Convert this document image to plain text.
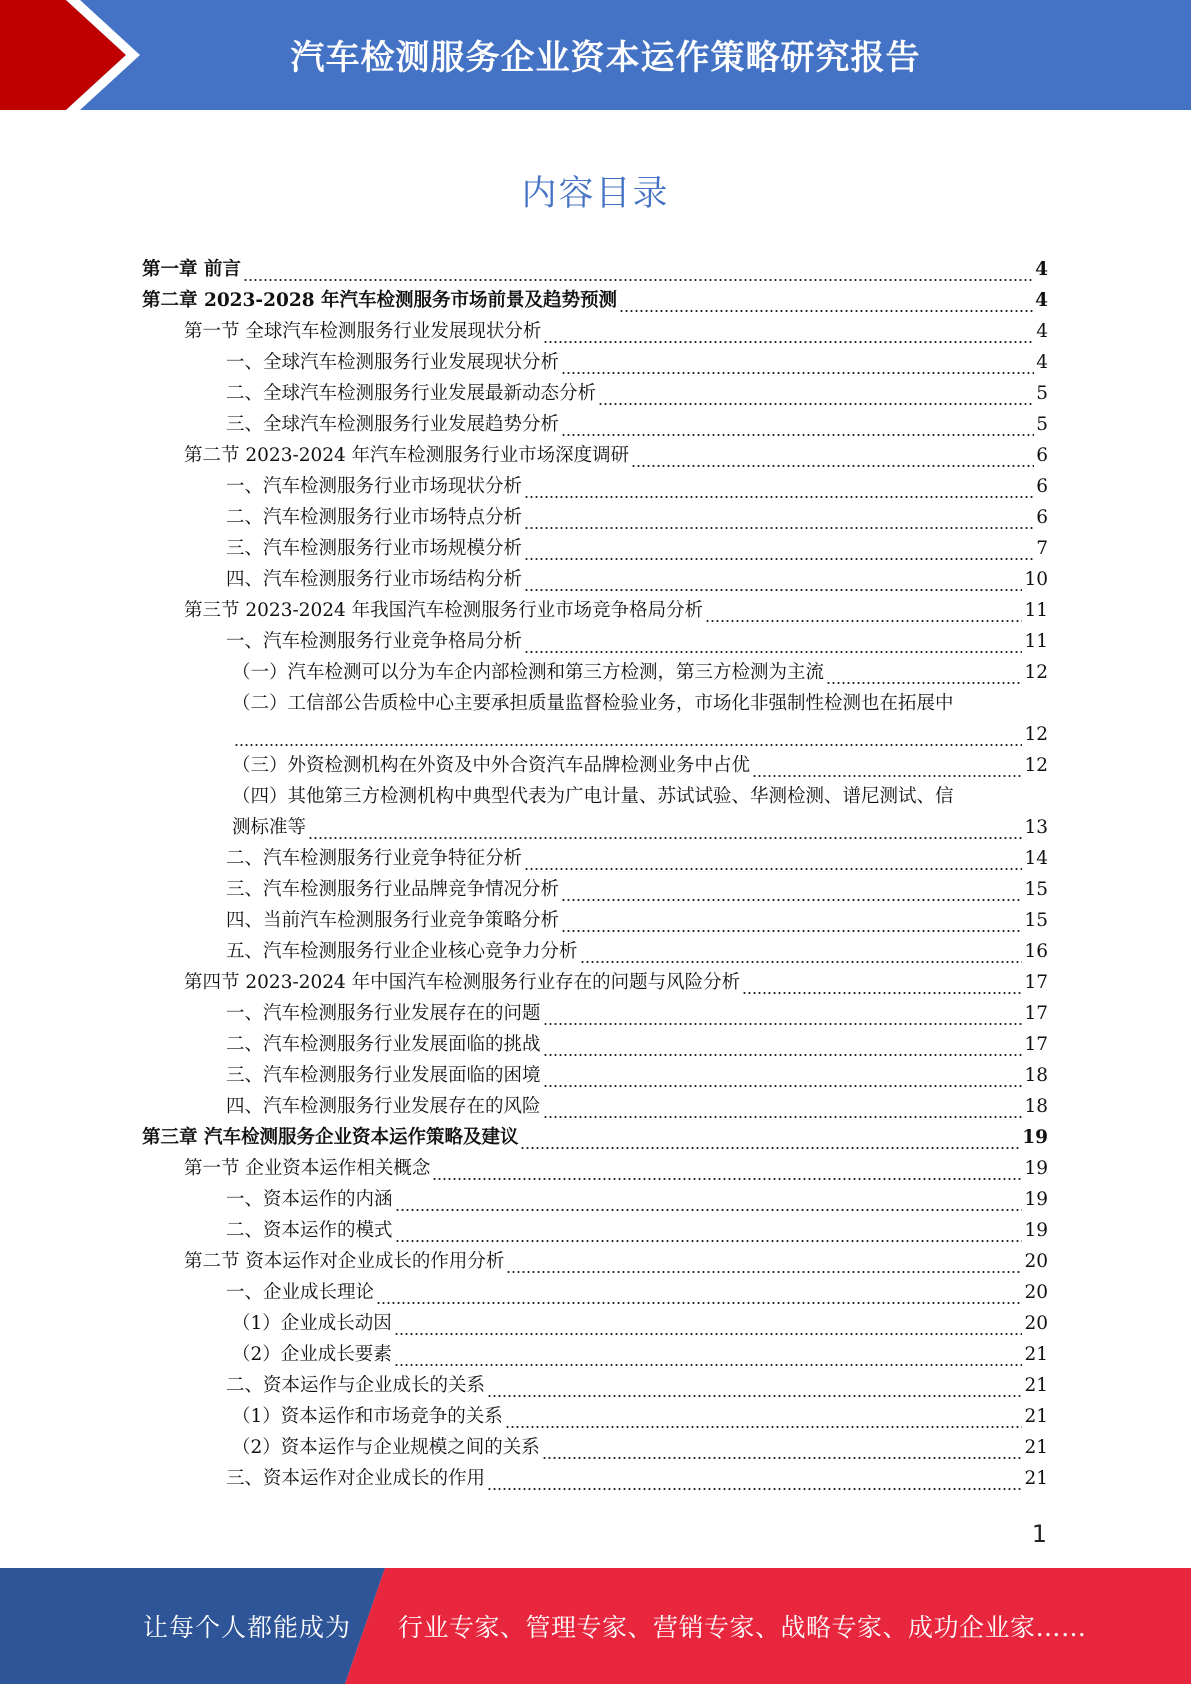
汽车检测服务企业资本运作策略研究报告
内容目录
第一章 前言	4
第二章 2023-2028 年汽车检测服务市场前景及趋势预测	4
第一节 全球汽车检测服务行业发展现状分析	4
一、全球汽车检测服务行业发展现状分析	4
二、全球汽车检测服务行业发展最新动态分析	5
三、全球汽车检测服务行业发展趋势分析	5
第二节 2023-2024 年汽车检测服务行业市场深度调研	6
一、汽车检测服务行业市场现状分析	6
二、汽车检测服务行业市场特点分析	6
三、汽车检测服务行业市场规模分析	7
四、汽车检测服务行业市场结构分析	10
第三节 2023-2024 年我国汽车检测服务行业市场竞争格局分析	11
一、汽车检测服务行业竞争格局分析	11
（一）汽车检测可以分为车企内部检测和第三方检测，第三方检测为主流	12
（二）工信部公告质检中心主要承担质量监督检验业务，市场化非强制性检测也在拓展中
12
（三）外资检测机构在外资及中外合资汽车品牌检测业务中占优	12
（四）其他第三方检测机构中典型代表为广电计量、苏试试验、华测检测、谱尼测试、信
测标准等	13
二、汽车检测服务行业竞争特征分析	14
三、汽车检测服务行业品牌竞争情况分析	15
四、当前汽车检测服务行业竞争策略分析	15
五、汽车检测服务行业企业核心竞争力分析	16
第四节 2023-2024 年中国汽车检测服务行业存在的问题与风险分析	17
一、汽车检测服务行业发展存在的问题	17
二、汽车检测服务行业发展面临的挑战	17
三、汽车检测服务行业发展面临的困境	18
四、汽车检测服务行业发展存在的风险	18
第三章 汽车检测服务企业资本运作策略及建议	19
第一节 企业资本运作相关概念	19
一、资本运作的内涵	19
二、资本运作的模式	19
第二节 资本运作对企业成长的作用分析	20
一、企业成长理论	20
（1）企业成长动因	20
（2）企业成长要素	21
二、资本运作与企业成长的关系	21
（1）资本运作和市场竞争的关系	21
（2）资本运作与企业规模之间的关系	21
三、资本运作对企业成长的作用	21
1
让每个人都能成为 行业专家、管理专家、营销专家、战略专家、成功企业家……
